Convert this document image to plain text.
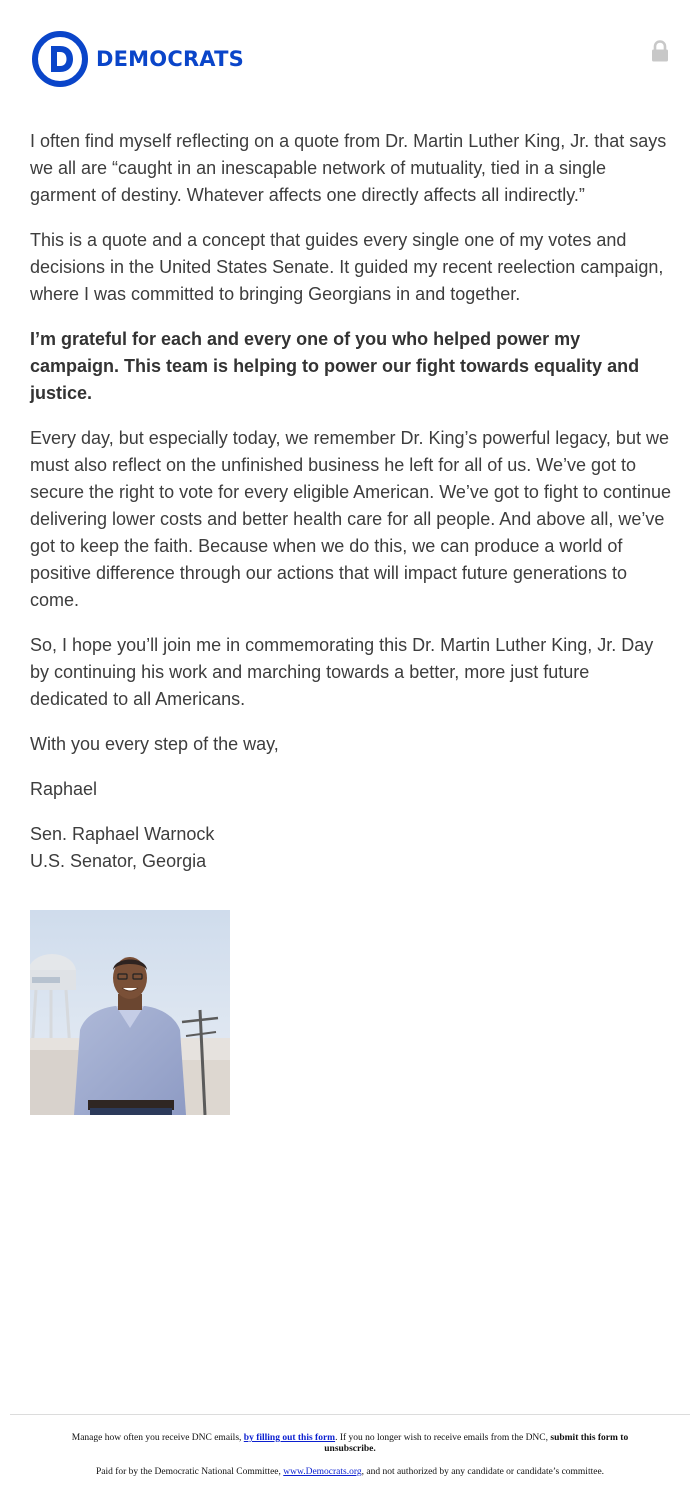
DEMOCRATS

I often find myself reflecting on a quote from Dr. Martin Luther King, Jr. that says we all are “caught in an inescapable network of mutuality, tied in a single garment of destiny. Whatever affects one directly affects all indirectly.”

This is a quote and a concept that guides every single one of my votes and decisions in the United States Senate. It guided my recent reelection campaign, where I was committed to bringing Georgians in and together.

I’m grateful for each and every one of you who helped power my campaign. This team is helping to power our fight towards equality and justice.

Every day, but especially today, we remember Dr. King’s powerful legacy, but we must also reflect on the unfinished business he left for all of us. We’ve got to secure the right to vote for every eligible American. We’ve got to fight to continue delivering lower costs and better health care for all people. And above all, we’ve got to keep the faith. Because when we do this, we can produce a world of positive difference through our actions that will impact future generations to come.

So, I hope you’ll join me in commemorating this Dr. Martin Luther King, Jr. Day by continuing his work and marching towards a better, more just future dedicated to all Americans.

With you every step of the way,

Raphael

Sen. Raphael Warnock
U.S. Senator, Georgia

Manage how often you receive DNC emails, by filling out this form. If you no longer wish to receive emails from the DNC, submit this form to unsubscribe.

Paid for by the Democratic National Committee, www.Democrats.org, and not authorized by any candidate or candidate’s committee.
